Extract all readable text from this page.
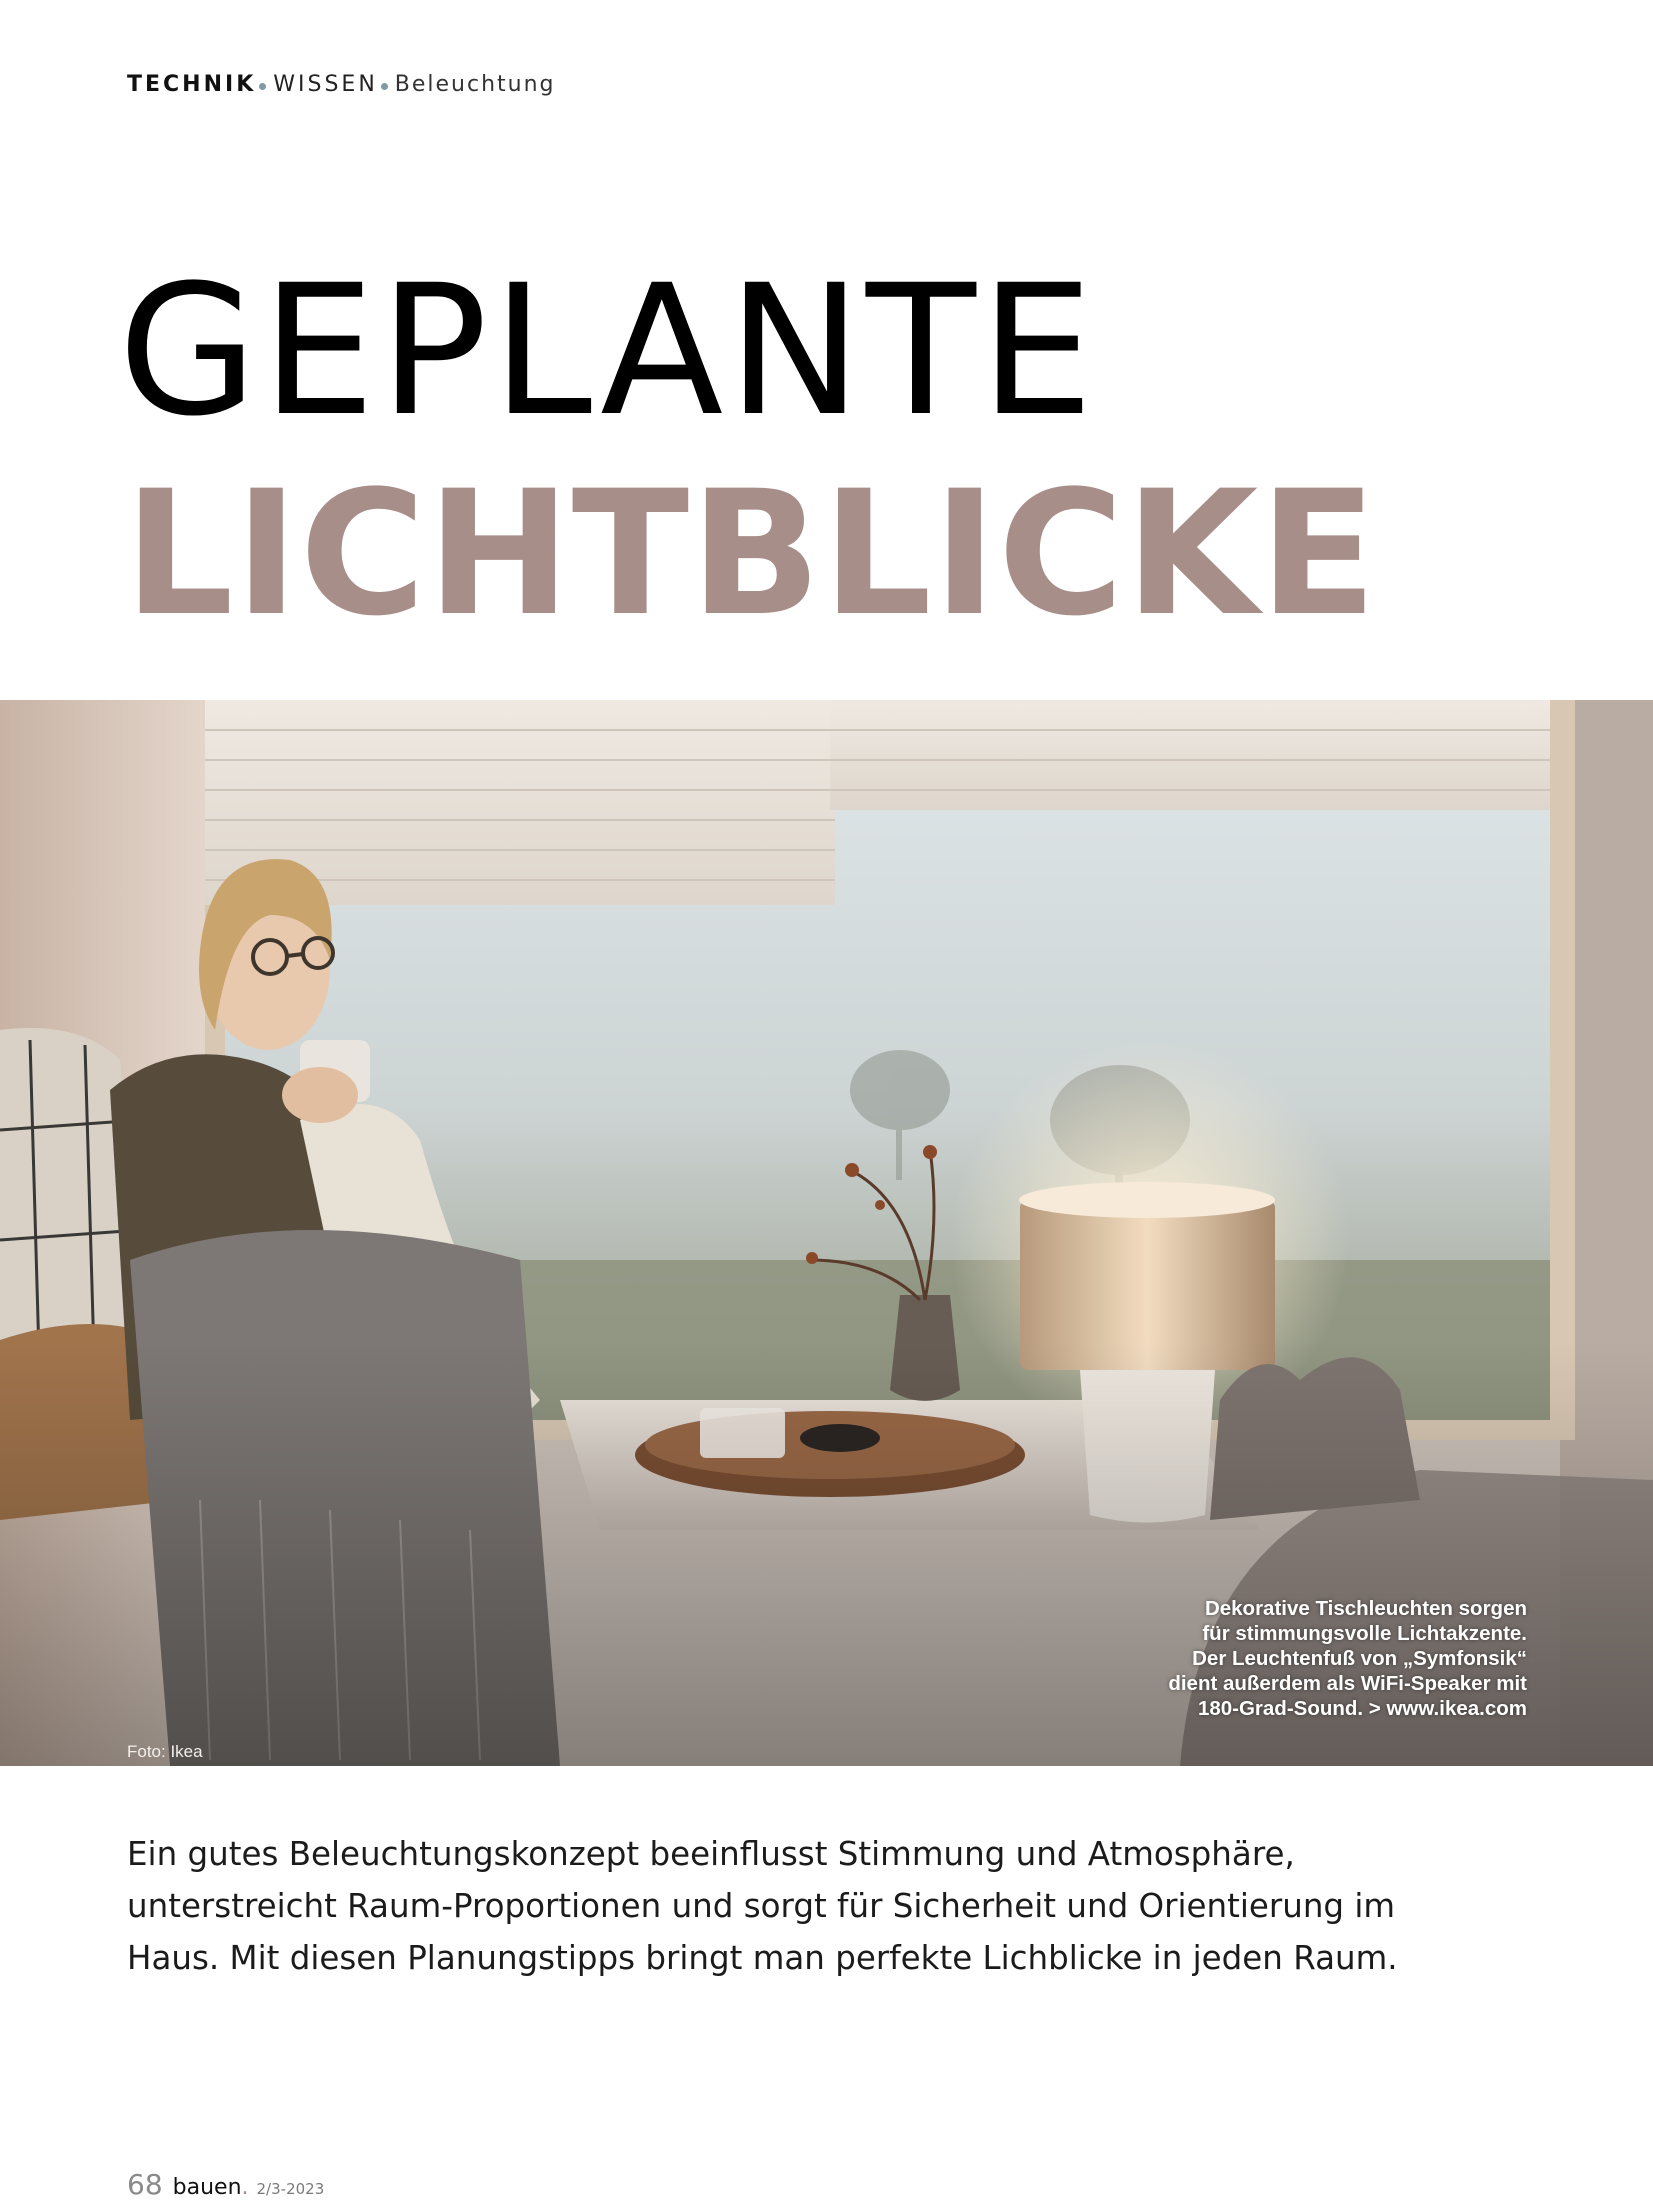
TECHNIK WISSEN Beleuchtung
GEPLANTE
LICHTBLICKE
Dekorative Tischleuchten sorgen
für stimmungsvolle Lichtakzente.
Der Leuchtenfuß von „Symfonsik“
dient außerdem als WiFi-Speaker mit
180-Grad-Sound. > www.ikea.com
Foto: Ikea
Ein gutes Beleuchtungskonzept beeinflusst Stimmung und Atmosphäre,
unterstreicht Raum-Proportionen und sorgt für Sicherheit und Orientierung im
Haus. Mit diesen Planungstipps bringt man perfekte Lichblicke in jeden Raum.
68 bauen . 2/3-2023
